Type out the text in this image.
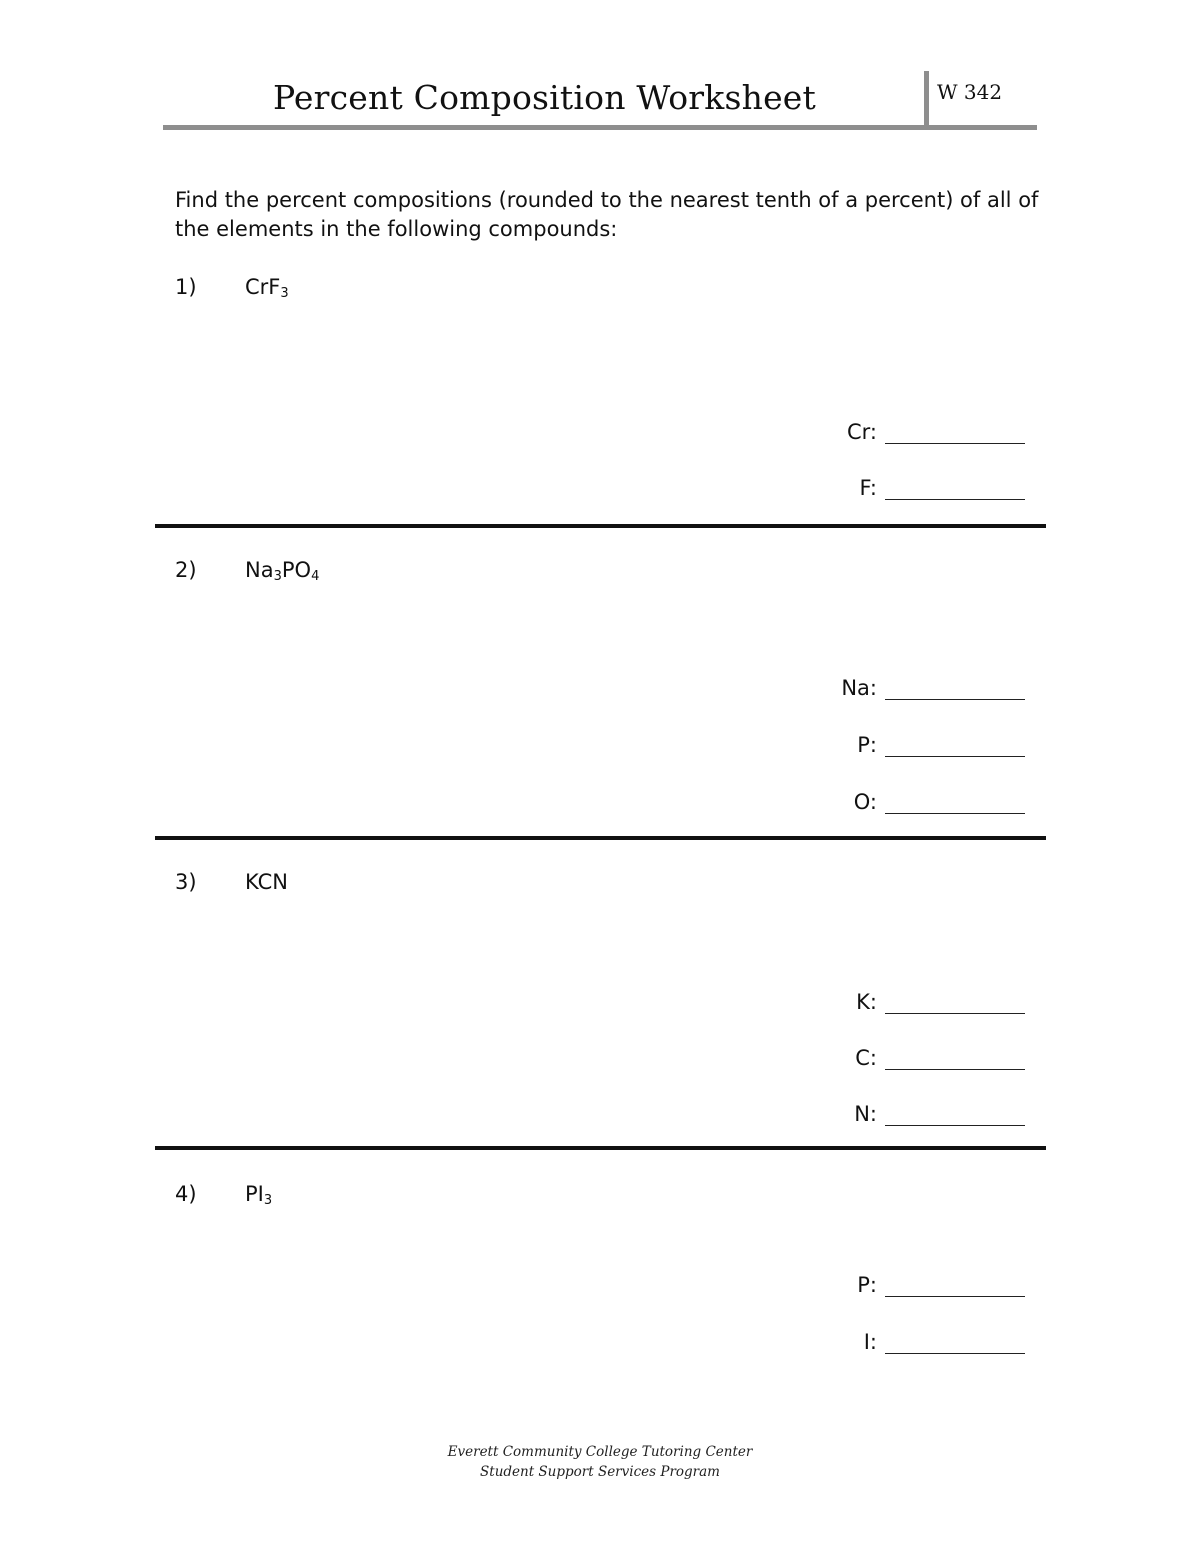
Percent Composition Worksheet	W 342
Find the percent compositions (rounded to the nearest tenth of a percent) of all of the elements in the following compounds:
1) CrF$_3$
Cr:
F:
2) $Na_3PO_4$
Na:
P:
O:
3) KCN
K:
C:
N:
4) $PI_3$
P:
I:
Everett Community College Tutoring Center
Student Support Services Program
